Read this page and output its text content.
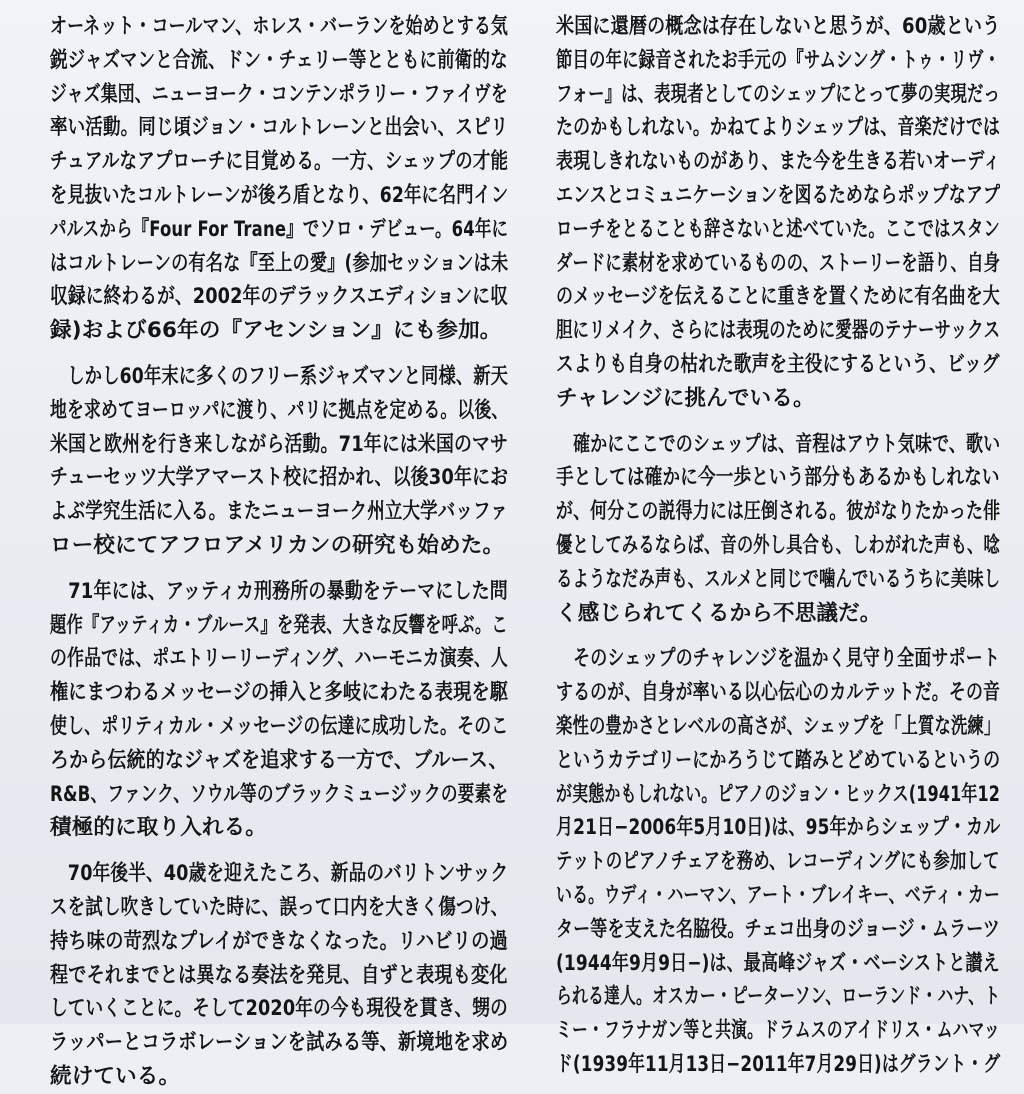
オーネット・コールマン、ホレス・バーランを始めとする気
鋭ジャズマンと合流、ドン・チェリー等とともに前衛的な
ジャズ集団、ニューヨーク・コンテンポラリー・ファイヴを
率い活動。同じ頃ジョン・コルトレーンと出会い、スピリ
チュアルなアプローチに目覚める。一方、シェップの才能
を見抜いたコルトレーンが後ろ盾となり、62年に名門イン
パルスから『Four For Trane』でソロ・デビュー。64年に
はコルトレーンの有名な『至上の愛』(参加セッションは未
収録に終わるが、2002年のデラックスエディションに収
録)および66年の『アセンション』にも参加。
　しかし60年末に多くのフリー系ジャズマンと同様、新天
地を求めてヨーロッパに渡り、パリに拠点を定める。以後、
米国と欧州を行き来しながら活動。71年には米国のマサ
チューセッツ大学アマースト校に招かれ、以後30年にお
よぶ学究生活に入る。またニューヨーク州立大学バッファ
ロー校にてアフロアメリカンの研究も始めた。
　71年には、アッティカ刑務所の暴動をテーマにした問
題作『アッティカ・ブルース』を発表、大きな反響を呼ぶ。こ
の作品では、ポエトリーリーディング、ハーモニカ演奏、人
権にまつわるメッセージの挿入と多岐にわたる表現を駆
使し、ポリティカル・メッセージの伝達に成功した。そのこ
ろから伝統的なジャズを追求する一方で、ブルース、
R&B、ファンク、ソウル等のブラックミュージックの要素を
積極的に取り入れる。
　70年後半、40歳を迎えたころ、新品のバリトンサック
スを試し吹きしていた時に、誤って口内を大きく傷つけ、
持ち味の苛烈なプレイができなくなった。リハビリの過
程でそれまでとは異なる奏法を発見、自ずと表現も変化
していくことに。そして2020年の今も現役を貫き、甥の
ラッパーとコラボレーションを試みる等、新境地を求め
続けている。
米国に還暦の概念は存在しないと思うが、60歳という
節目の年に録音されたお手元の『サムシング・トゥ・リヴ・
フォー』は、表現者としてのシェップにとって夢の実現だっ
たのかもしれない。かねてよりシェップは、音楽だけでは
表現しきれないものがあり、また今を生きる若いオーディ
エンスとコミュニケーションを図るためならポップなアプ
ローチをとることも辞さないと述べていた。ここではスタン
ダードに素材を求めているものの、ストーリーを語り、自身
のメッセージを伝えることに重きを置くために有名曲を大
胆にリメイク、さらには表現のために愛器のテナーサックス
スよりも自身の枯れた歌声を主役にするという、ビッグ
チャレンジに挑んでいる。
　確かにここでのシェップは、音程はアウト気味で、歌い
手としては確かに今一歩という部分もあるかもしれない
が、何分この説得力には圧倒される。彼がなりたかった俳
優としてみるならば、音の外し具合も、しわがれた声も、唸
るようなだみ声も、スルメと同じで噛んでいるうちに美味し
く感じられてくるから不思議だ。
　そのシェップのチャレンジを温かく見守り全面サポート
するのが、自身が率いる以心伝心のカルテットだ。その音
楽性の豊かさとレベルの高さが、シェップを「上質な洗練」
というカテゴリーにかろうじて踏みとどめているというの
が実態かもしれない。ピアノのジョン・ヒックス(1941年12
月21日−2006年5月10日)は、95年からシェップ・カル
テットのピアノチェアを務め、レコーディングにも参加して
いる。ウディ・ハーマン、アート・ブレイキー、ベティ・カー
ター等を支えた名脇役。チェコ出身のジョージ・ムラーツ
(1944年9月9日−)は、最高峰ジャズ・ベーシストと讃え
られる達人。オスカー・ピーターソン、ローランド・ハナ、ト
ミー・フラナガン等と共演。ドラムスのアイドリス・ムハマッ
ド(1939年11月13日−2011年7月29日)はグラント・グ
